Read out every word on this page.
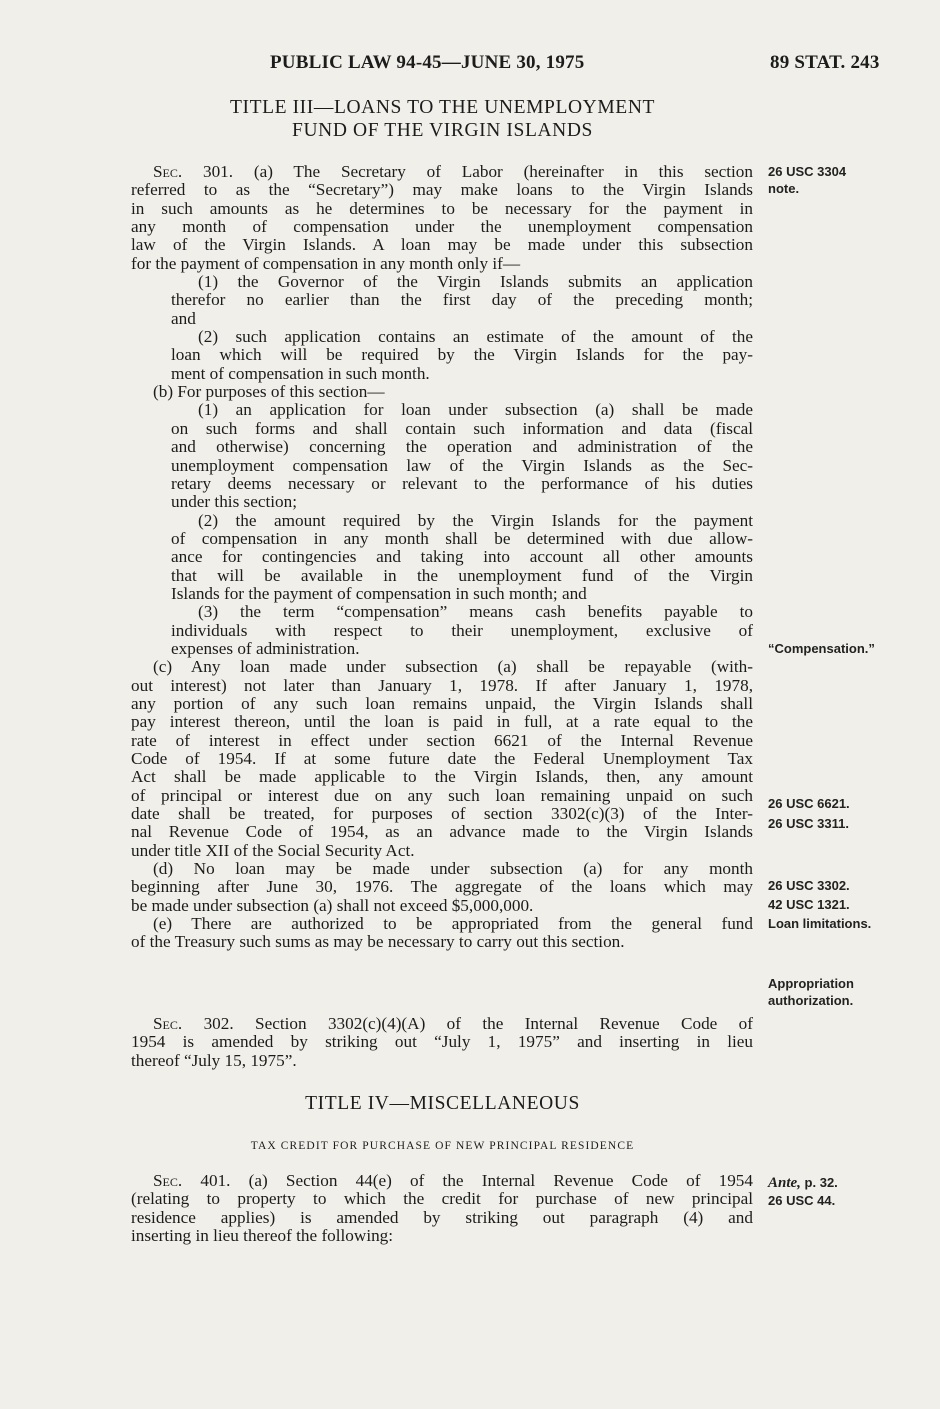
PUBLIC LAW 94-45—JUNE 30, 1975	89 STAT. 243
TITLE III—LOANS TO THE UNEMPLOYMENT
FUND OF THE VIRGIN ISLANDS
Sec. 301. (a) The Secretary of Labor (hereinafter in this section
referred to as the “Secretary”) may make loans to the Virgin Islands
in such amounts as he determines to be necessary for the payment in
any month of compensation under the unemployment compensation
law of the Virgin Islands. A loan may be made under this subsection
for the payment of compensation in any month only if—
(1) the Governor of the Virgin Islands submits an application
therefor no earlier than the first day of the preceding month;
and
(2) such application contains an estimate of the amount of the
loan which will be required by the Virgin Islands for the pay-
ment of compensation in such month.
(b) For purposes of this section—
(1) an application for loan under subsection (a) shall be made
on such forms and shall contain such information and data (fiscal
and otherwise) concerning the operation and administration of the
unemployment compensation law of the Virgin Islands as the Sec-
retary deems necessary or relevant to the performance of his duties
under this section;
(2) the amount required by the Virgin Islands for the payment
of compensation in any month shall be determined with due allow-
ance for contingencies and taking into account all other amounts
that will be available in the unemployment fund of the Virgin
Islands for the payment of compensation in such month; and
(3) the term “compensation” means cash benefits payable to
individuals with respect to their unemployment, exclusive of
expenses of administration.
(c) Any loan made under subsection (a) shall be repayable (with-
out interest) not later than January 1, 1978. If after January 1, 1978,
any portion of any such loan remains unpaid, the Virgin Islands shall
pay interest thereon, until the loan is paid in full, at a rate equal to the
rate of interest in effect under section 6621 of the Internal Revenue
Code of 1954. If at some future date the Federal Unemployment Tax
Act shall be made applicable to the Virgin Islands, then, any amount
of principal or interest due on any such loan remaining unpaid on such
date shall be treated, for purposes of section 3302(c)(3) of the Inter-
nal Revenue Code of 1954, as an advance made to the Virgin Islands
under title XII of the Social Security Act.
(d) No loan may be made under subsection (a) for any month
beginning after June 30, 1976. The aggregate of the loans which may
be made under subsection (a) shall not exceed $5,000,000.
(e) There are authorized to be appropriated from the general fund
of the Treasury such sums as may be necessary to carry out this section.
Sec. 302. Section 3302(c)(4)(A) of the Internal Revenue Code of
1954 is amended by striking out “July 1, 1975” and inserting in lieu
thereof “July 15, 1975”.
TITLE IV—MISCELLANEOUS
TAX CREDIT FOR PURCHASE OF NEW PRINCIPAL RESIDENCE
Sec. 401. (a) Section 44(e) of the Internal Revenue Code of 1954
(relating to property to which the credit for purchase of new principal
residence applies) is amended by striking out paragraph (4) and
inserting in lieu thereof the following:
26 USC 3304
note.
“Compensation.”
26 USC 6621.
26 USC 3311.
26 USC 3302.
42 USC 1321.
Loan limitations.
Appropriation
authorization.
Ante, p. 32.
26 USC 44.
